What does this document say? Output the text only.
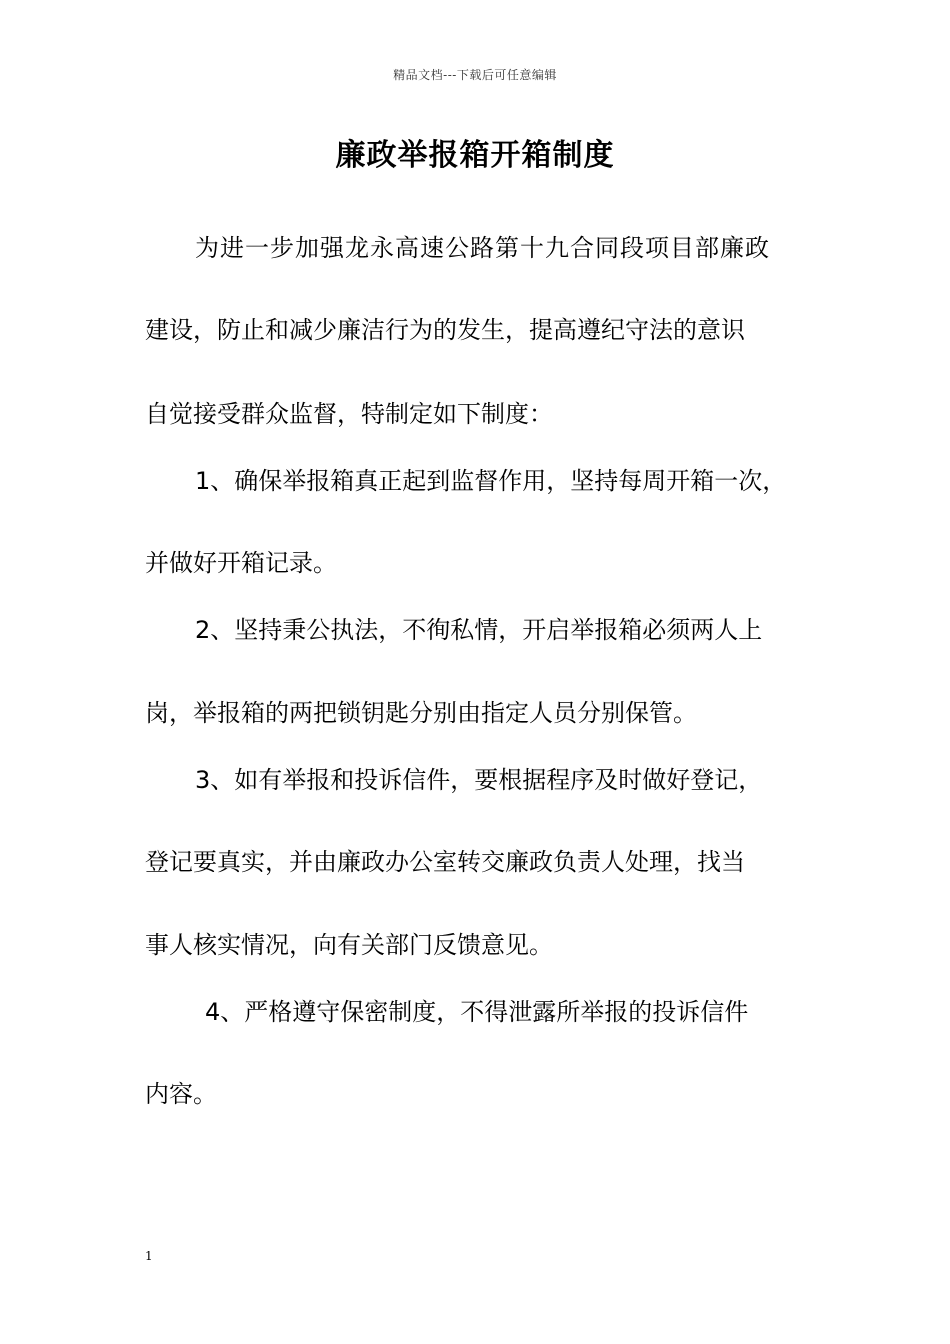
精品文档---下载后可任意编辑
廉政举报箱开箱制度
为进一步加强龙永高速公路第十九合同段项目部廉政
建设，防止和减少廉洁行为的发生，提高遵纪守法的意识
自觉接受群众监督，特制定如下制度：
1、确保举报箱真正起到监督作用，坚持每周开箱一次，
并做好开箱记录。
2、坚持秉公执法，不徇私情，开启举报箱必须两人上
岗，举报箱的两把锁钥匙分别由指定人员分别保管。
3、如有举报和投诉信件，要根据程序及时做好登记，
登记要真实，并由廉政办公室转交廉政负责人处理，找当
事人核实情况，向有关部门反馈意见。
4、严格遵守保密制度，不得泄露所举报的投诉信件
内容。
1
